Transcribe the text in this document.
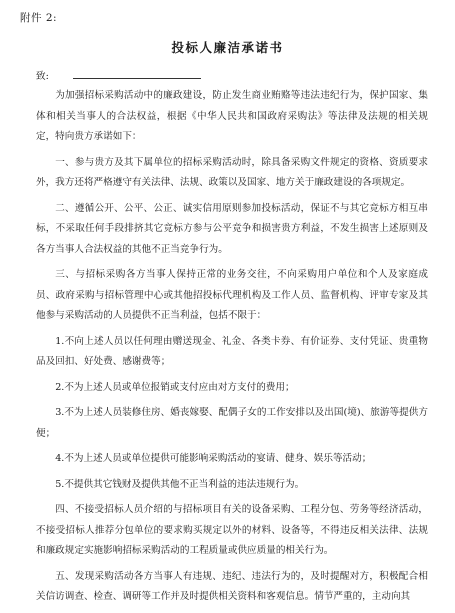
附件 2:
投标人廉洁承诺书
致:

为加强招标采购活动中的廉政建设，防止发生商业贿赂等违法违纪行为，保护国家、集体和相关当事人的合法权益，根据《中华人民共和国政府采购法》等法律及法规的相关规定，特向贵方承诺如下：

一、参与贵方及其下属单位的招标采购活动时，除具备采购文件规定的资格、资质要求外，我方还将严格遵守有关法律、法规、政策以及国家、地方关于廉政建设的各项规定。

二、遵循公开、公平、公正、诚实信用原则参加投标活动，保证不与其它竞标方相互串标，不采取任何手段排挤其它竞标方参与公平竞争和损害贵方利益，不发生损害上述原则及各方当事人合法权益的其他不正当竞争行为。

三、与招标采购各方当事人保持正常的业务交往，不向采购用户单位和个人及家庭成员、政府采购与招标管理中心或其他招投标代理机构及工作人员、监督机构、评审专家及其他参与采购活动的人员提供不正当利益，包括不限于：

1.不向上述人员以任何理由赠送现金、礼金、各类卡券、有价证券、支付凭证、贵重物品及回扣、好处费、感谢费等；

2.不为上述人员或单位报销或支付应由对方支付的费用；

3.不为上述人员装修住房、婚丧嫁娶、配偶子女的工作安排以及出国(境)、旅游等提供方便；

4.不为上述人员或单位提供可能影响采购活动的宴请、健身、娱乐等活动；

5.不提供其它钱财及提供其他不正当利益的违法违规行为。

四、不接受招标人员介绍的与招标项目有关的设备采购、工程分包、劳务等经济活动，不接受招标人推荐分包单位的要求购买规定以外的材料、设备等，不得违反相关法律、法规和廉政规定实施影响招标采购活动的工程质量或供应质量的相关行为。

五、发现采购活动各方当事人有违规、违纪、违法行为的，及时提醒对方，积极配合相关信访调查、检查、调研等工作并及时提供相关资料和客观信息。情节严重的，主动向其
